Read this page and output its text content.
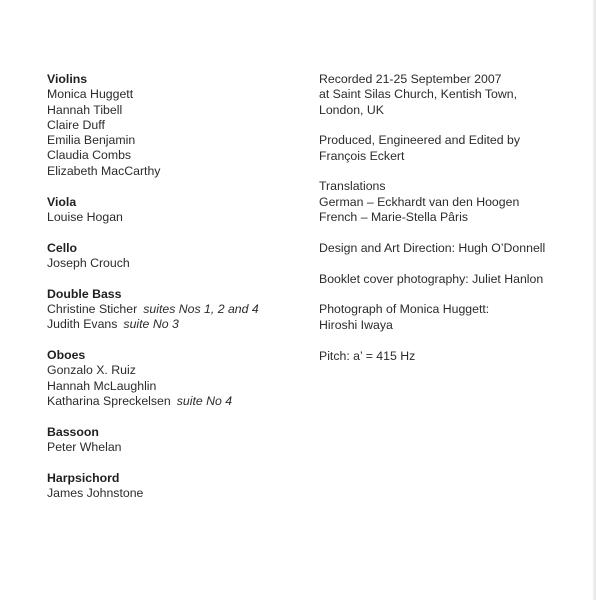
Violins
Monica Huggett
Hannah Tibell
Claire Duff
Emilia Benjamin
Claudia Combs
Elizabeth MacCarthy
Viola
Louise Hogan
Cello
Joseph Crouch
Double Bass
Christine Sticher suites Nos 1, 2 and 4
Judith Evans suite No 3
Oboes
Gonzalo X. Ruiz
Hannah McLaughlin
Katharina Spreckelsen suite No 4
Bassoon
Peter Whelan
Harpsichord
James Johnstone
Recorded 21-25 September 2007
at Saint Silas Church, Kentish Town,
London, UK
Produced, Engineered and Edited by
François Eckert
Translations
German – Eckhardt van den Hoogen
French – Marie-Stella Pâris
Design and Art Direction: Hugh O’Donnell
Booklet cover photography: Juliet Hanlon
Photograph of Monica Huggett:
Hiroshi Iwaya
Pitch: a’ = 415 Hz
